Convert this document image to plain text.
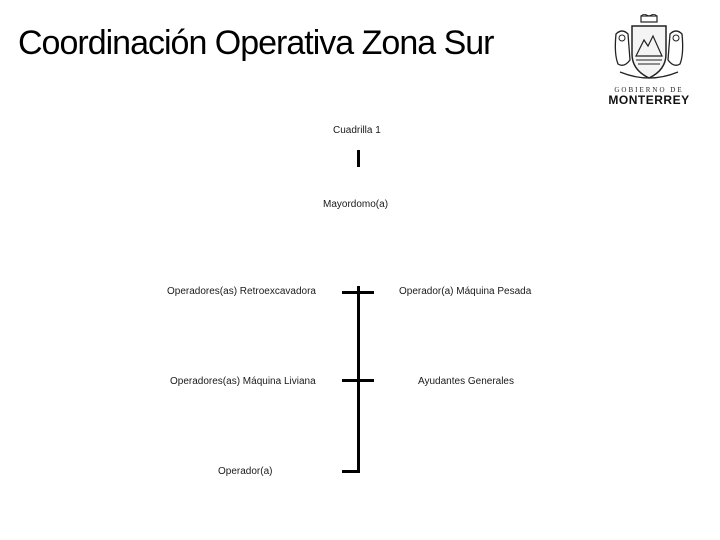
Coordinación Operativa Zona Sur
GOBIERNO DE
MONTERREY
Cuadrilla 1
Mayordomo(a)
Operadores(as) Retroexcavadora
Operadores(as) Máquina Liviana
Operador(a)
Operador(a) Máquina Pesada
Ayudantes Generales
